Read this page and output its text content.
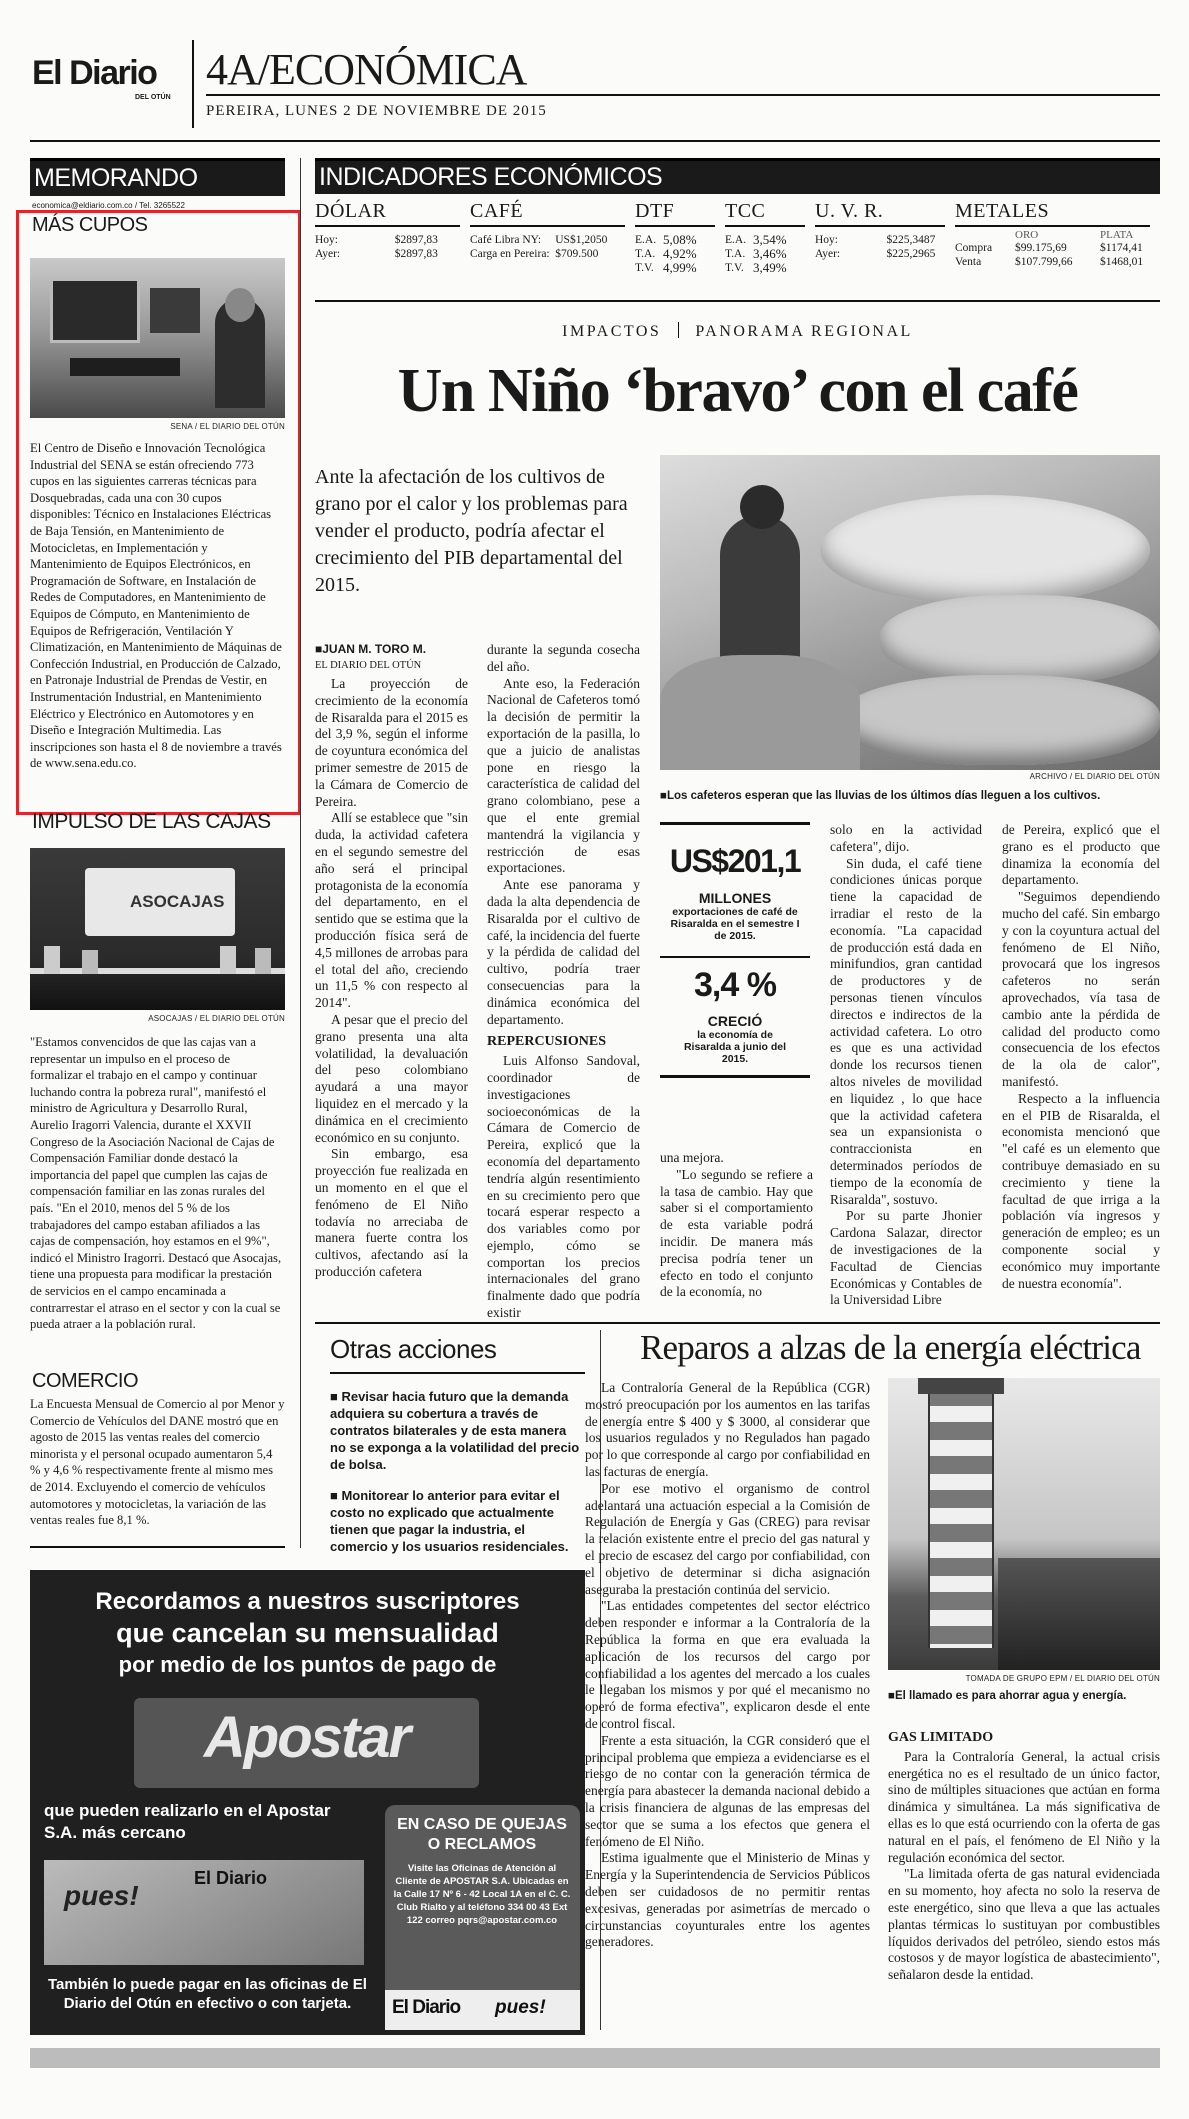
El Diario
DEL OTÚN
4A/ECONÓMICA
PEREIRA, LUNES 2 DE NOVIEMBRE DE 2015
MEMORANDO
economica@eldiario.com.co / Tel. 3265522
MÁS CUPOS
SENA / EL DIARIO DEL OTÚN
El Centro de Diseño e Innovación Tecnológica Industrial del SENA se están ofreciendo 773 cupos en las siguientes carreras técnicas para Dosquebradas, cada una con 30 cupos disponibles: Técnico en Instalaciones Eléctricas de Baja Tensión, en Mantenimiento de Motocicletas, en Implementación y Mantenimiento de Equipos Electrónicos, en Programación de Software, en Instalación de Redes de Computadores, en Mantenimiento de Equipos de Cómputo, en Mantenimiento de Equipos de Refrigeración, Ventilación Y Climatización, en Mantenimiento de Máquinas de Confección Industrial, en Producción de Calzado, en Patronaje Industrial de Prendas de Vestir, en Instrumentación Industrial, en Mantenimiento Eléctrico y Electrónico en Automotores y en Diseño e Integración Multimedia. Las inscripciones son hasta el 8 de noviembre a través de www.sena.edu.co.
IMPULSO DE LAS CAJAS
ASOCAJAS
ASOCAJAS / EL DIARIO DEL OTÚN
"Estamos convencidos de que las cajas van a representar un impulso en el proceso de formalizar el trabajo en el campo y continuar luchando contra la pobreza rural", manifestó el ministro de Agricultura y Desarrollo Rural, Aurelio Iragorri Valencia, durante el XXVII Congreso de la Asociación Nacional de Cajas de Compensación Familiar donde destacó la importancia del papel que cumplen las cajas de compensación familiar en las zonas rurales del país. "En el 2010, menos del 5 % de los trabajadores del campo estaban afiliados a las cajas de compensación, hoy estamos en el 9%", indicó el Ministro Iragorri. Destacó que Asocajas, tiene una propuesta para modificar la prestación de servicios en el campo encaminada a contrarrestar el atraso en el sector y con la cual se pueda atraer a la población rural.
COMERCIO
La Encuesta Mensual de Comercio al por Menor y Comercio de Vehículos del DANE mostró que en agosto de 2015 las ventas reales del comercio minorista y el personal ocupado aumentaron 5,4 % y 4,6 % respectivamente frente al mismo mes de 2014. Excluyendo el comercio de vehículos automotores y motocicletas, la variación de las ventas reales fue 8,1 %.
INDICADORES ECONÓMICOS
DÓLAR
Hoy:	$2897,83
Ayer:	$2897,83
CAFÉ
Café Libra NY:	US$1,2050
Carga en Pereira: $709.500
DTF
E.A. 5,08%
T.A. 4,92%
T.V. 4,99%
TCC
E.A. 3,54%
T.A. 3,46%
T.V. 3,49%
U. V. R.
Hoy:	$225,3487
Ayer:	$225,2965
METALES
ORO	PLATA
Compra	$99.175,69	$1174,41
Venta	$107.799,66	$1468,01
IMPACTOS PANORAMA REGIONAL
Un Niño ‘bravo’ con el café
Ante la afectación de los cultivos de grano por el calor y los problemas para vender el producto, podría afectar el crecimiento del PIB departamental del 2015.
ARCHIVO / EL DIARIO DEL OTÚN
■ Los cafeteros esperan que las lluvias de los últimos días lleguen a los cultivos.
■JUAN M. TORO M.
EL DIARIO DEL OTÚN

La proyección de crecimiento de la economía de Risaralda para el 2015 es del 3,9 %, según el informe de coyuntura económica del primer semestre de 2015 de la Cámara de Comercio de Pereira.

Allí se establece que "sin duda, la actividad cafetera en el segundo semestre del año será el principal protagonista de la economía del departamento, en el sentido que se estima que la producción física será de 4,5 millones de arrobas para el total del año, creciendo un 11,5 % con respecto al 2014".

A pesar que el precio del grano presenta una alta volatilidad, la devaluación del peso colombiano ayudará a una mayor liquidez en el mercado y la dinámica en el crecimiento económico en su conjunto.

Sin embargo, esa proyección fue realizada en un momento en el que el fenómeno de El Niño todavía no arreciaba de manera fuerte contra los cultivos, afectando así la producción cafetera

durante la segunda cosecha del año.

Ante eso, la Federación Nacional de Cafeteros tomó la decisión de permitir la exportación de la pasilla, lo que a juicio de analistas pone en riesgo la característica de calidad del grano colombiano, pese a que el ente gremial mantendrá la vigilancia y restricción de esas exportaciones.

Ante ese panorama y dada la alta dependencia de Risaralda por el cultivo de café, la incidencia del fuerte y la pérdida de calidad del cultivo, podría traer consecuencias para la dinámica económica del departamento.

REPERCUSIONES

Luis Alfonso Sandoval, coordinador de investigaciones socioeconómicas de la Cámara de Comercio de Pereira, explicó que la economía del departamento tendría algún resentimiento en su crecimiento pero que tocará esperar respecto a dos variables como por ejemplo, cómo se comportan los precios internacionales del grano finalmente dado que podría existir

US$201,1
MILLONES
exportaciones de café de Risaralda en el semestre I de 2015.
3,4 %
CRECIÓ
la economía de Risaralda a junio del 2015.

una mejora.

"Lo segundo se refiere a la tasa de cambio. Hay que saber si el comportamiento de esta variable podrá incidir. De manera más precisa podría tener un efecto en todo el conjunto de la economía, no

solo en la actividad cafetera", dijo.

Sin duda, el café tiene condiciones únicas porque tiene la capacidad de irradiar el resto de la economía. "La capacidad de producción está dada en minifundios, gran cantidad de productores y de personas tienen vínculos directos e indirectos de la actividad cafetera. Lo otro es que es una actividad donde los recursos tienen altos niveles de movilidad en liquidez , lo que hace que la actividad cafetera sea un expansionista o contraccionista en determinados períodos de tiempo de la economía de Risaralda", sostuvo.

Por su parte Jhonier Cardona Salazar, director de investigaciones de la Facultad de Ciencias Económicas y Contables de la Universidad Libre

de Pereira, explicó que el grano es el producto que dinamiza la economía del departamento.

"Seguimos dependiendo mucho del café. Sin embargo y con la coyuntura actual del fenómeno de El Niño, provocará que los ingresos cafeteros no serán aprovechados, vía tasa de cambio ante la pérdida de calidad del producto como consecuencia de los efectos de la ola de calor", manifestó.

Respecto a la influencia en el PIB de Risaralda, el economista mencionó que "el café es un elemento que contribuye demasiado en su crecimiento y tiene la facultad de que irriga a la población vía ingresos y generación de empleo; es un componente social y económico muy importante de nuestra economía".

Otras acciones
■ Revisar hacia futuro que la demanda adquiera su cobertura a través de contratos bilaterales y de esta manera no se exponga a la volatilidad del precio de bolsa.
■ Monitorear lo anterior para evitar el costo no explicado que actualmente tienen que pagar la industria, el comercio y los usuarios residenciales.
Reparos a alzas de la energía eléctrica

La Contraloría General de la República (CGR) mostró preocupación por los aumentos en las tarifas de energía entre $ 400 y $ 3000, al considerar que los usuarios regulados y no Regulados han pagado por lo que corresponde al cargo por confiabilidad en las facturas de energía.

Por ese motivo el organismo de control adelantará una actuación especial a la Comisión de Regulación de Energía y Gas (CREG) para revisar la relación existente entre el precio del gas natural y el precio de escasez del cargo por confiabilidad, con el objetivo de determinar si dicha asignación aseguraba la prestación continúa del servicio.

"Las entidades competentes del sector eléctrico deben responder e informar a la Contraloría de la República la forma en que era evaluada la aplicación de los recursos del cargo por confiabilidad a los agentes del mercado a los cuales le llegaban los mismos y por qué el mecanismo no operó de forma efectiva", explicaron desde el ente de control fiscal.

Frente a esta situación, la CGR consideró que el principal problema que empieza a evidenciarse es el riesgo de no contar con la generación térmica de energía para abastecer la demanda nacional debido a la crisis financiera de algunas de las empresas del sector que se suma a los efectos que genera el fenómeno de El Niño.

Estima igualmente que el Ministerio de Minas y Energía y la Superintendencia de Servicios Públicos deben ser cuidadosos de no permitir rentas excesivas, generadas por asimetrías de mercado o circunstancias coyunturales entre los agentes generadores.

TOMADA DE GRUPO EPM / EL DIARIO DEL OTÚN
■ El llamado es para ahorrar agua y energía.
GAS LIMITADO

Para la Contraloría General, la actual crisis energética no es el resultado de un único factor, sino de múltiples situaciones que actúan en forma dinámica y simultánea. La más significativa de ellas es lo que está ocurriendo con la oferta de gas natural en el país, el fenómeno de El Niño y la regulación económica del sector.

"La limitada oferta de gas natural evidenciada en su momento, hoy afecta no solo la reserva de este energético, sino que lleva a que las actuales plantas térmicas lo sustituyan por combustibles líquidos derivados del petróleo, siendo estos más costosos y de mayor logística de abastecimiento", señalaron desde la entidad.

Recordamos a nuestros suscriptores
que cancelan su mensualidad
por medio de los puntos de pago de
Apostar
que pueden realizarlo en el Apostar S.A. más cercano	EN CASO DE QUEJAS O RECLAMOS
Visite las Oficinas de Atención al Cliente de APOSTAR S.A. Ubicadas en la Calle 17 Nº 6 - 42 Local 1A en el C. C. Club Rialto y al teléfono 334 00 43 Ext 122 correo pqrs@apostar.com.co
El Diario
pues!
También lo puede pagar en las oficinas de El Diario del Otún en efectivo o con tarjeta.	El Diario pues!
